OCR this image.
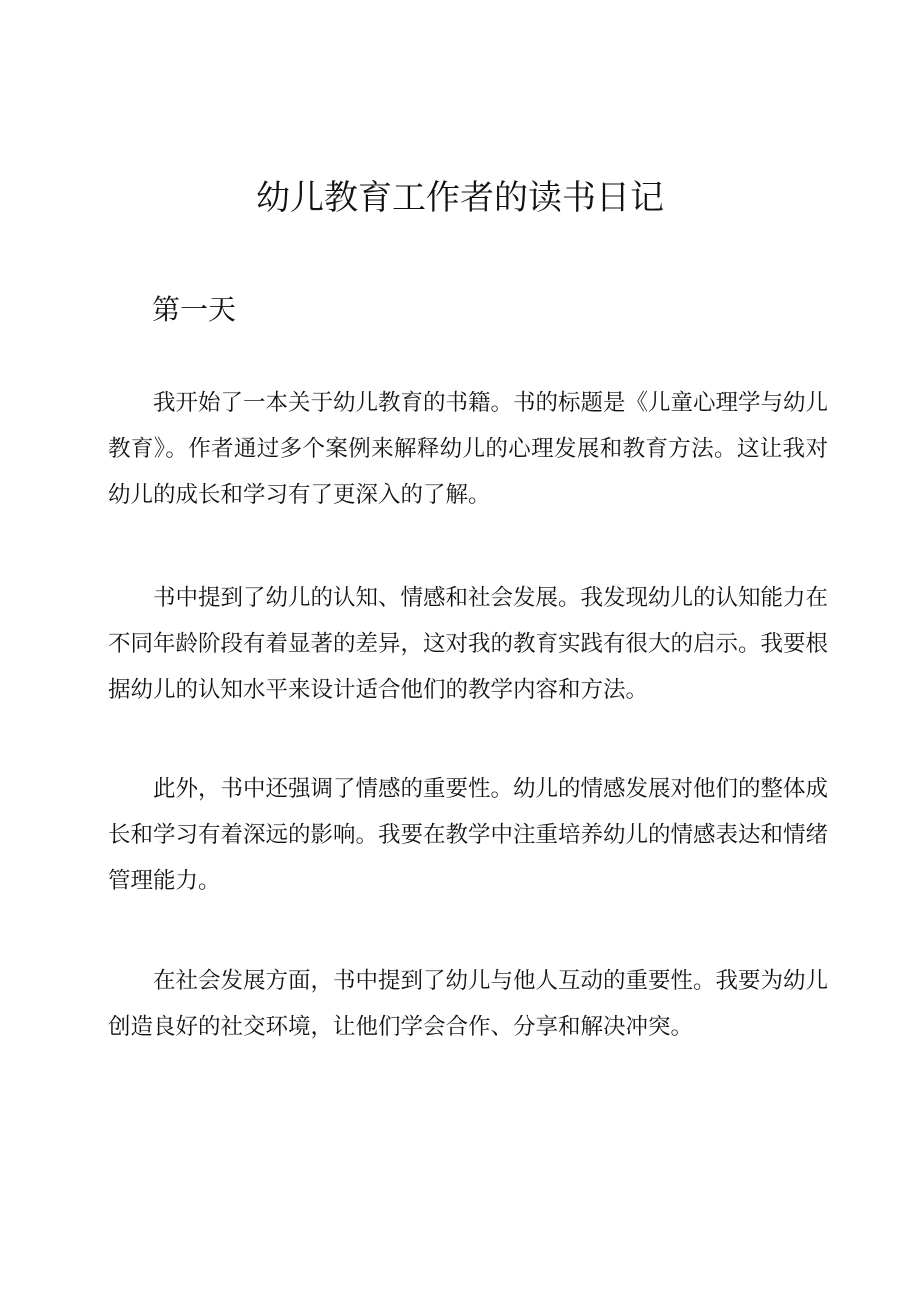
幼儿教育工作者的读书日记
第一天

我开始了一本关于幼儿教育的书籍。书的标题是《儿童心理学与幼儿教育》。作者通过多个案例来解释幼儿的心理发展和教育方法。这让我对幼儿的成长和学习有了更深入的了解。

书中提到了幼儿的认知、情感和社会发展。我发现幼儿的认知能力在不同年龄阶段有着显著的差异，这对我的教育实践有很大的启示。我要根据幼儿的认知水平来设计适合他们的教学内容和方法。

此外，书中还强调了情感的重要性。幼儿的情感发展对他们的整体成长和学习有着深远的影响。我要在教学中注重培养幼儿的情感表达和情绪管理能力。

在社会发展方面，书中提到了幼儿与他人互动的重要性。我要为幼儿创造良好的社交环境，让他们学会合作、分享和解决冲突。
